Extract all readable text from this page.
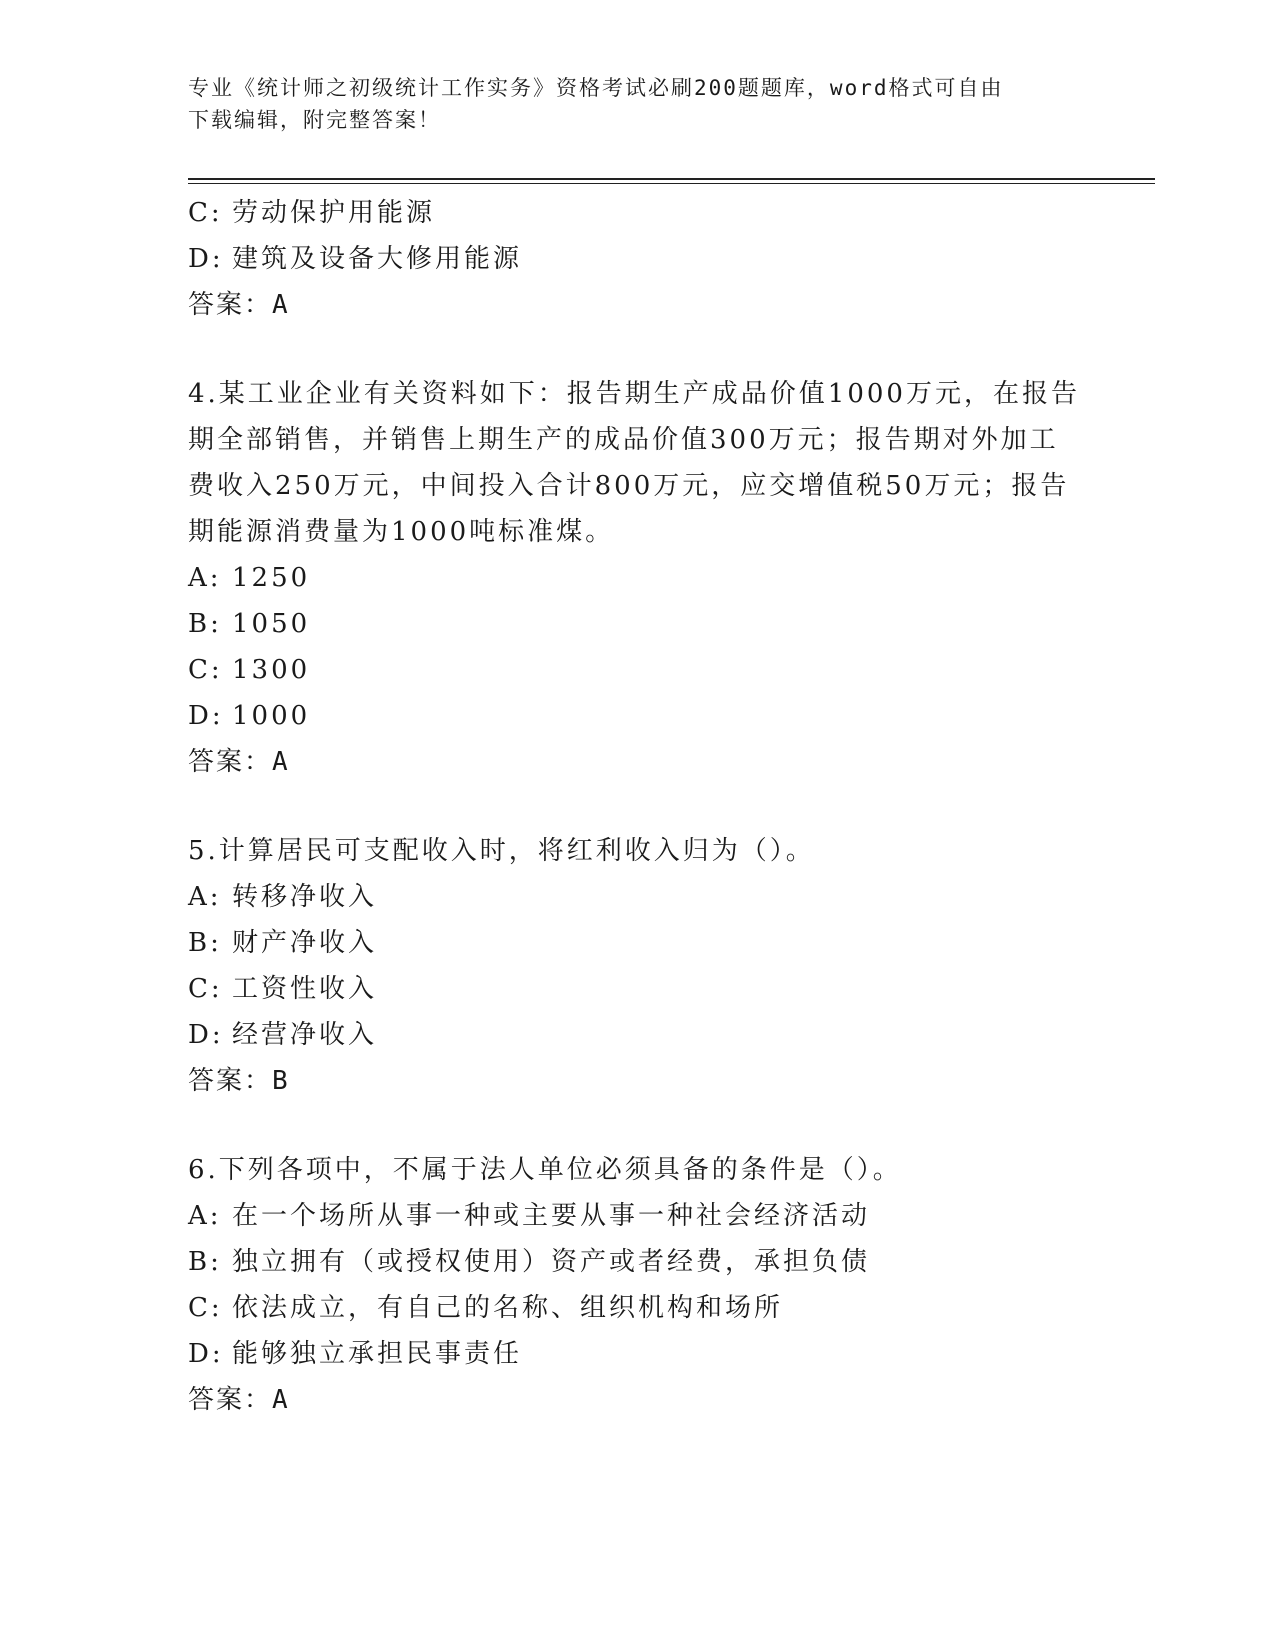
专业《统计师之初级统计工作实务》资格考试必刷200题题库，word格式可自由
下载编辑，附完整答案！
C: 劳动保护用能源
D: 建筑及设备大修用能源
答案：A
4.某工业企业有关资料如下：报告期生产成品价值1000万元，在报告
期全部销售，并销售上期生产的成品价值300万元；报告期对外加工
费收入250万元，中间投入合计800万元，应交增值税50万元；报告
期能源消费量为1000吨标准煤。
A: 1250
B: 1050
C: 1300
D: 1000
答案：A
5.计算居民可支配收入时，将红利收入归为（）。
A: 转移净收入
B: 财产净收入
C: 工资性收入
D: 经营净收入
答案：B
6.下列各项中，不属于法人单位必须具备的条件是（）。
A: 在一个场所从事一种或主要从事一种社会经济活动
B: 独立拥有（或授权使用）资产或者经费，承担负债
C: 依法成立，有自己的名称、组织机构和场所
D: 能够独立承担民事责任
答案：A
